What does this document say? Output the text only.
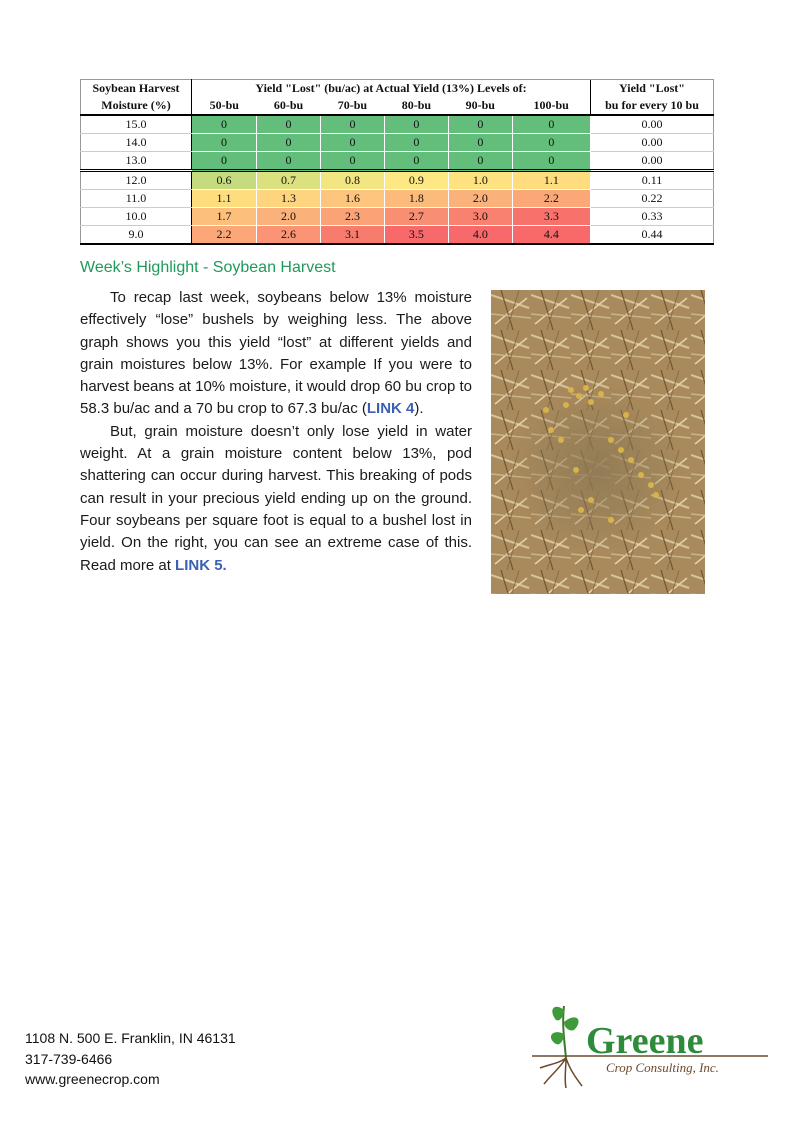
Soybean Harvest	Yield "Lost" (bu/ac) at Actual Yield (13%) Levels of:						Yield "Lost"
Moisture (%)	50-bu	60-bu	70-bu	80-bu	90-bu	100-bu	bu for every 10 bu
15.0	0	0	0	0	0	0	0.00
14.0	0	0	0	0	0	0	0.00
13.0	0	0	0	0	0	0	0.00
12.0	0.6	0.7	0.8	0.9	1.0	1.1	0.11
11.0	1.1	1.3	1.6	1.8	2.0	2.2	0.22
10.0	1.7	2.0	2.3	2.7	3.0	3.3	0.33
9.0	2.2	2.6	3.1	3.5	4.0	4.4	0.44
Week’s Highlight - Soybean Harvest

To recap last week, soybeans below 13% moisture effectively “lose” bushels by weighing less. The above graph shows you this yield “lost” at different yields and grain moistures below 13%. For example If you were to harvest beans at 10% moisture, it would drop 60 bu crop to 58.3 bu/ac and a 70 bu crop to 67.3 bu/ac (LINK 4).

But, grain moisture doesn’t only lose yield in water weight. At a grain moisture content below 13%, pod shattering can occur during harvest. This breaking of pods can result in your precious yield ending up on the ground. Four soybeans per square foot is equal to a bushel lost in yield. On the right, you can see an extreme case of this. Read more at LINK 5.

1108 N. 500 E. Franklin, IN 46131
317-739-6466
www.greenecrop.com
Greene
Crop Consulting, Inc.
